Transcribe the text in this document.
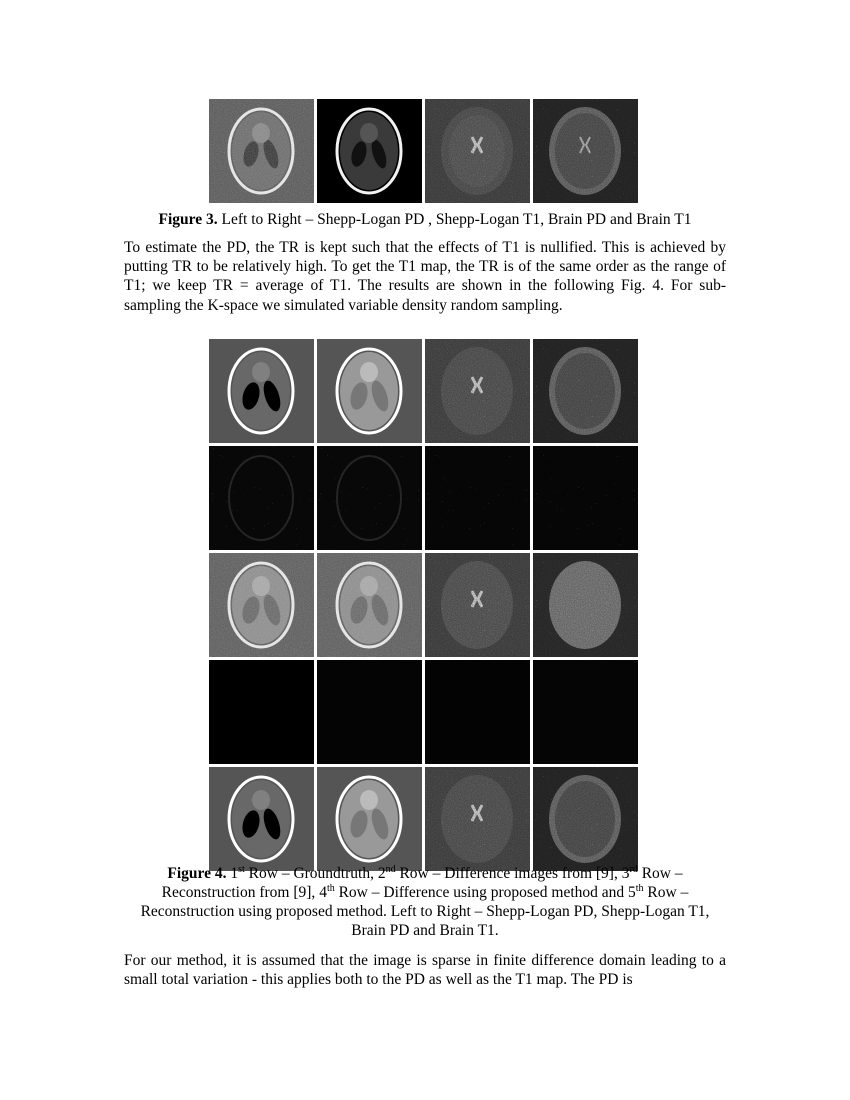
Figure 3. Left to Right – Shepp-Logan PD , Shepp-Logan T1, Brain PD and Brain T1
To estimate the PD, the TR is kept such that the effects of T1 is nullified. This is achieved by putting TR to be relatively high. To get the T1 map, the TR is of the same order as the range of T1; we keep TR = average of T1. The results are shown in the following Fig. 4. For sub-sampling the K-space we simulated variable density random sampling.
Figure 4. 1st Row – Groundtruth, 2nd Row – Difference images from [9], 3rd Row – Reconstruction from [9], 4th Row – Difference using proposed method and 5th Row – Reconstruction using proposed method. Left to Right – Shepp-Logan PD, Shepp-Logan T1, Brain PD and Brain T1.
For our method, it is assumed that the image is sparse in finite difference domain leading to a small total variation - this applies both to the PD as well as the T1 map. The PD is
